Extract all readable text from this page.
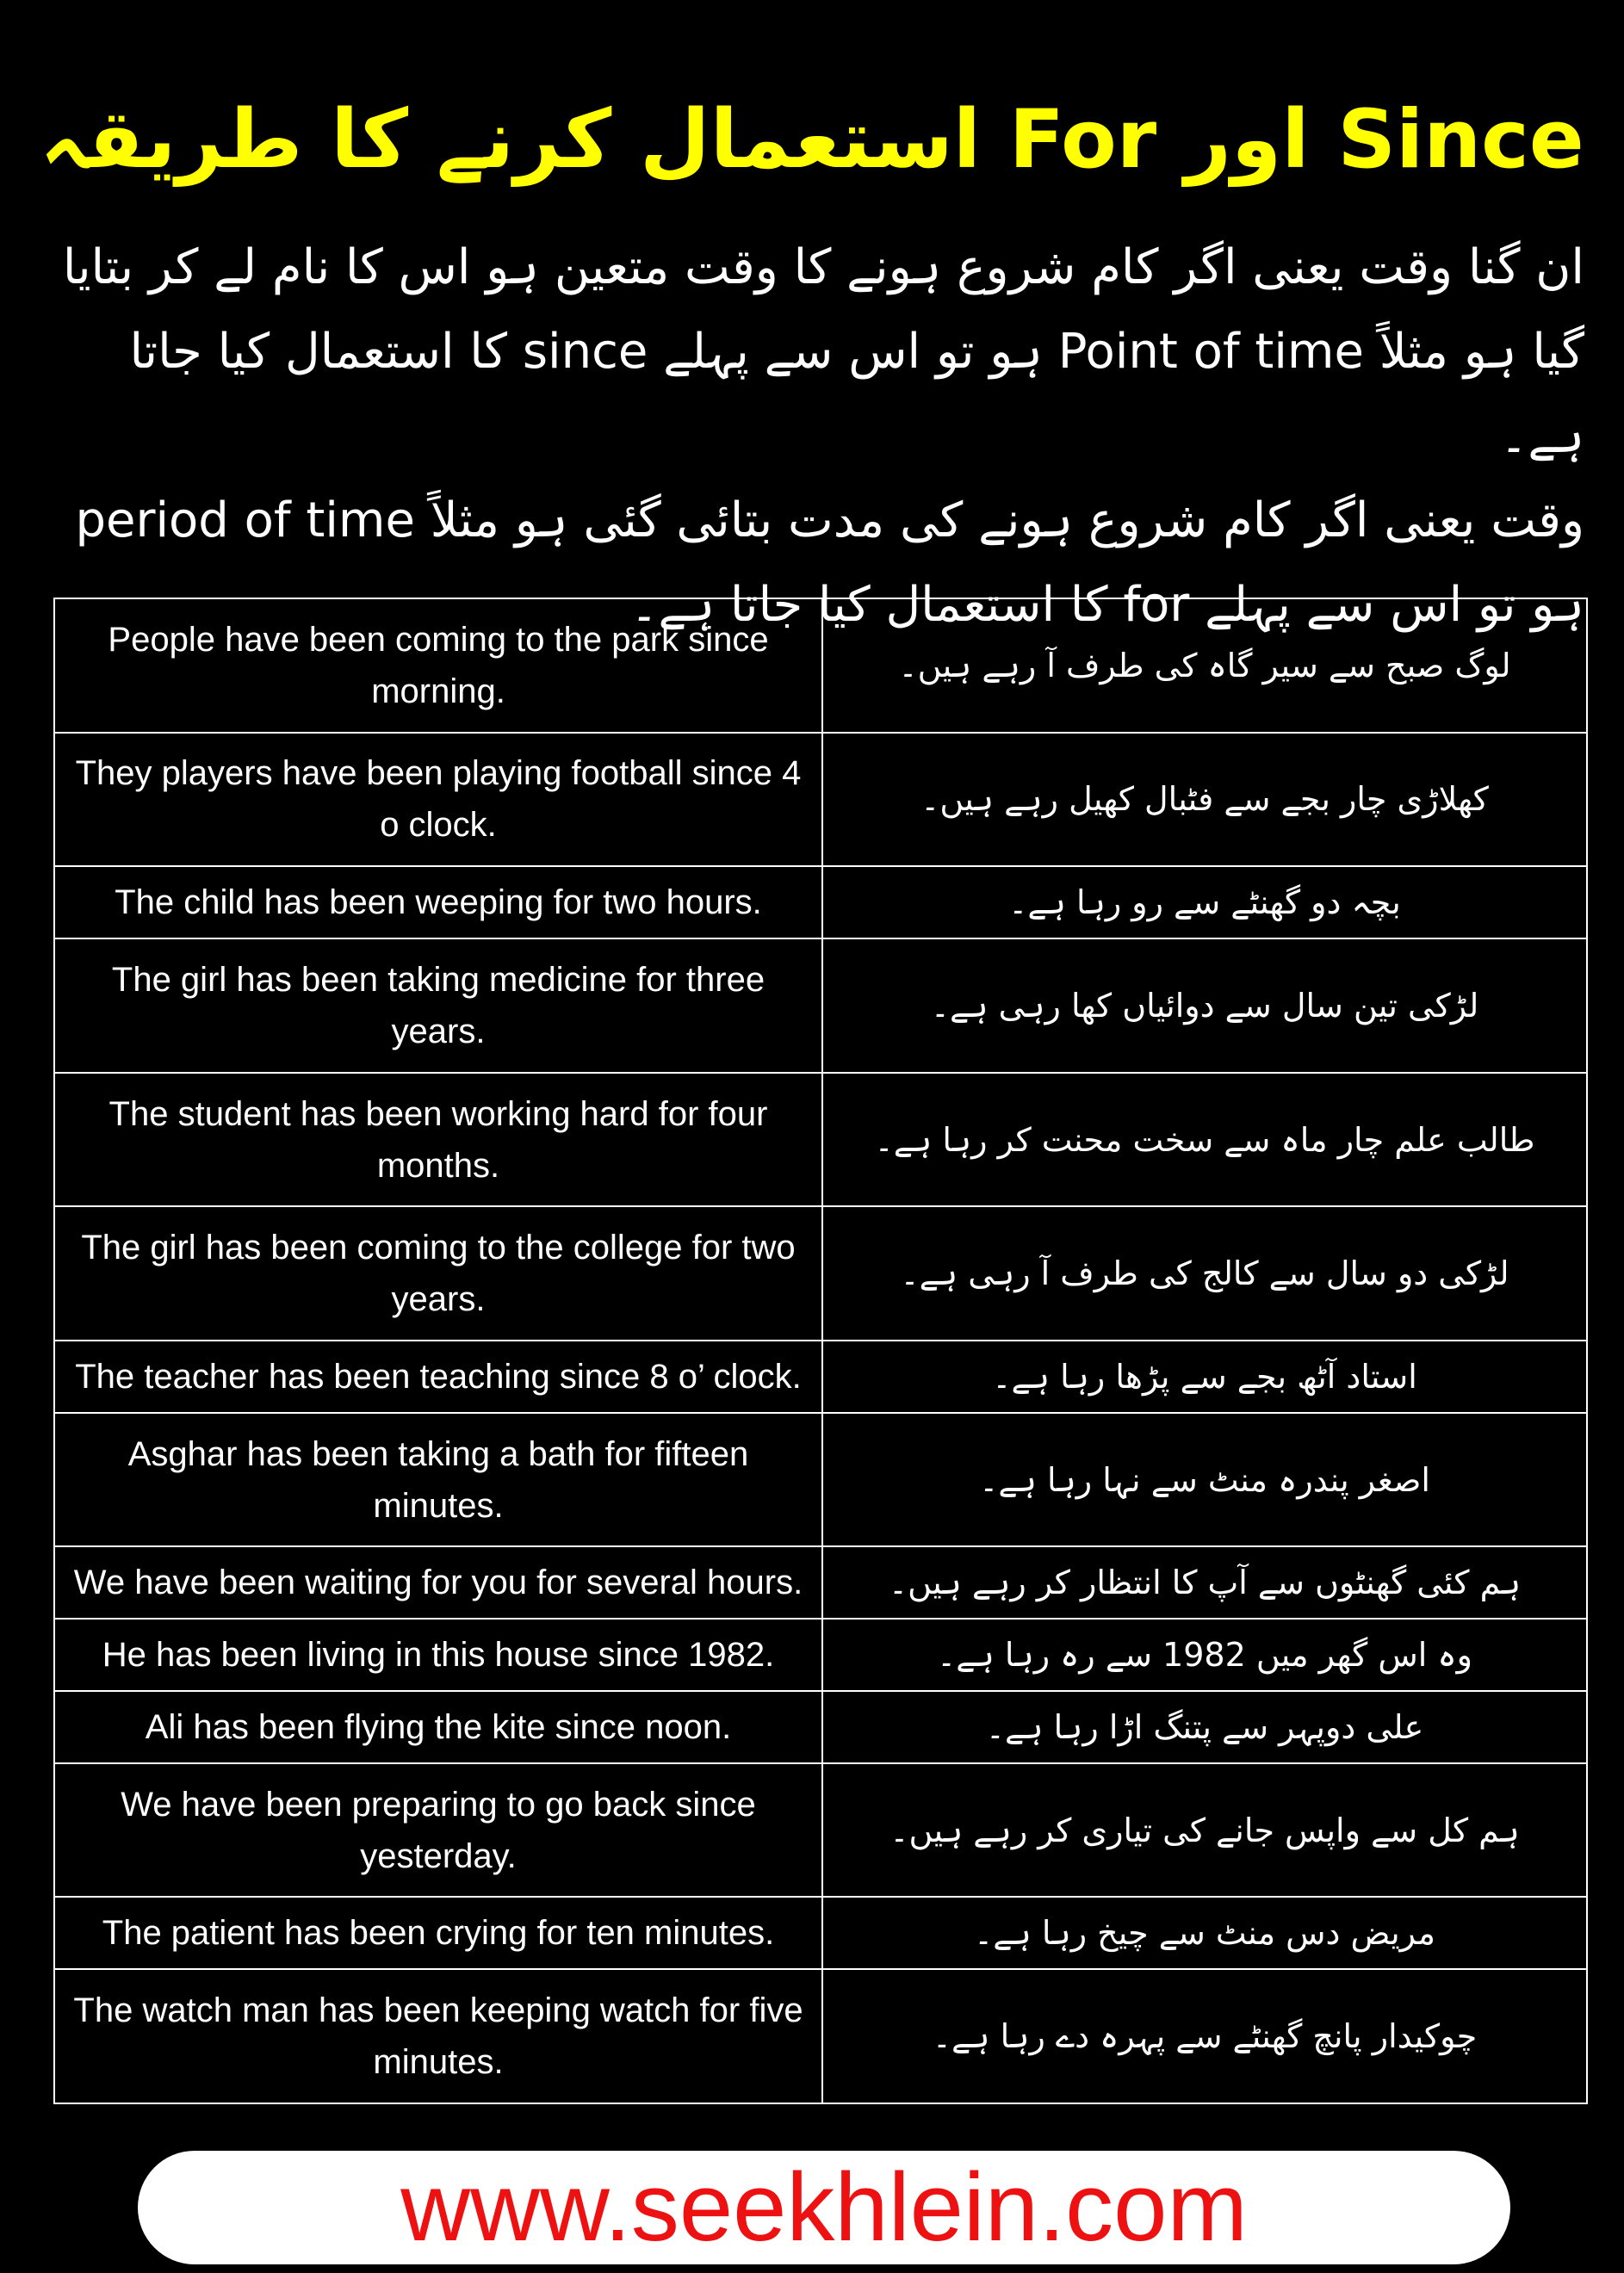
Since اور For استعمال کرنے کا طریقہ

ان گنا وقت یعنی اگر کام شروع ہونے کا وقت متعین ہو اس کا نام لے کر بتایا گیا ہو مثلاً Point of time ہو تو اس سے پہلے since کا استعمال کیا جاتا ہے۔

وقت یعنی اگر کام شروع ہونے کی مدت بتائی گئی ہو مثلاً period of time ہو تو اس سے پہلے for کا استعمال کیا جاتا ہے۔

People have been coming to the park since morning.	لوگ صبح سے سیر گاہ کی طرف آ رہے ہیں۔
They players have been playing football since 4 o clock.	کھلاڑی چار بجے سے فٹبال کھیل رہے ہیں۔
The child has been weeping for two hours.	بچہ دو گھنٹے سے رو رہا ہے۔
The girl has been taking medicine for three years.	لڑکی تین سال سے دوائیاں کھا رہی ہے۔
The student has been working hard for four months.	طالب علم چار ماہ سے سخت محنت کر رہا ہے۔
The girl has been coming to the college for two years.	لڑکی دو سال سے کالج کی طرف آ رہی ہے۔
The teacher has been teaching since 8 o’ clock.	استاد آٹھ بجے سے پڑھا رہا ہے۔
Asghar has been taking a bath for fifteen minutes.	اصغر پندرہ منٹ سے نہا رہا ہے۔
We have been waiting for you for several hours.	ہم کئی گھنٹوں سے آپ کا انتظار کر رہے ہیں۔
He has been living in this house since 1982.	وہ اس گھر میں 1982 سے رہ رہا ہے۔
Ali has been flying the kite since noon.	علی دوپہر سے پتنگ اڑا رہا ہے۔
We have been preparing to go back since yesterday.	ہم کل سے واپس جانے کی تیاری کر رہے ہیں۔
The patient has been crying for ten minutes.	مریض دس منٹ سے چیخ رہا ہے۔
The watch man has been keeping watch for five minutes.	چوکیدار پانچ گھنٹے سے پہرہ دے رہا ہے۔
www.seekhlein.com
